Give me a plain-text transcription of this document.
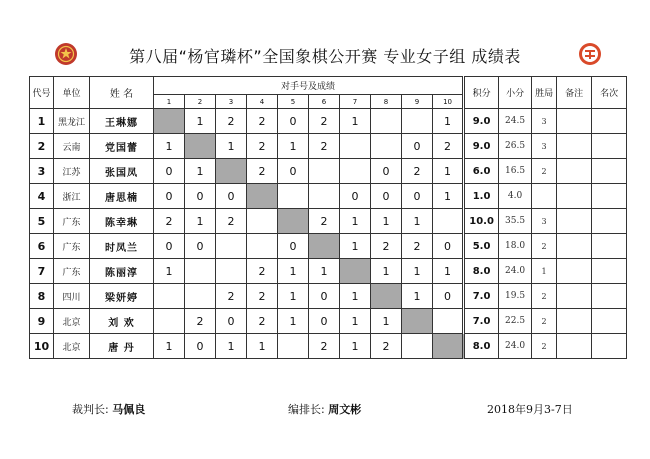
第八届“杨官璘杯”全国象棋公开赛 专业女子组 成绩表
代号	单位	姓 名	对手号及成绩										积分	小分	胜局	备注	名次
			1	2	3	4	5	6	7	8	9	10					
1	黑龙江	王琳娜		1	2	2	0	2	1			1	9.0	24.5	3		
2	云南	党国蕾	1		1	2	1	2			0	2	9.0	26.5	3		
3	江苏	张国凤	0	1		2	0			0	2	1	6.0	16.5	2		
4	浙江	唐思楠	0	0	0				0	0	0	1	1.0	4.0			
5	广东	陈幸琳	2	1	2			2	1	1	1		10.0	35.5	3		
6	广东	时凤兰	0	0			0		1	2	2	0	5.0	18.0	2		
7	广东	陈丽淳	1			2	1	1		1	1	1	8.0	24.0	1		
8	四川	梁妍婷			2	2	1	0	1		1	0	7.0	19.5	2		
9	北京	刘 欢		2	0	2	1	0	1	1			7.0	22.5	2		
10	北京	唐 丹	1	0	1	1		2	1	2			8.0	24.0	2		
裁判长: 马佩良	编排长: 周文彬	2018年9月3-7日
